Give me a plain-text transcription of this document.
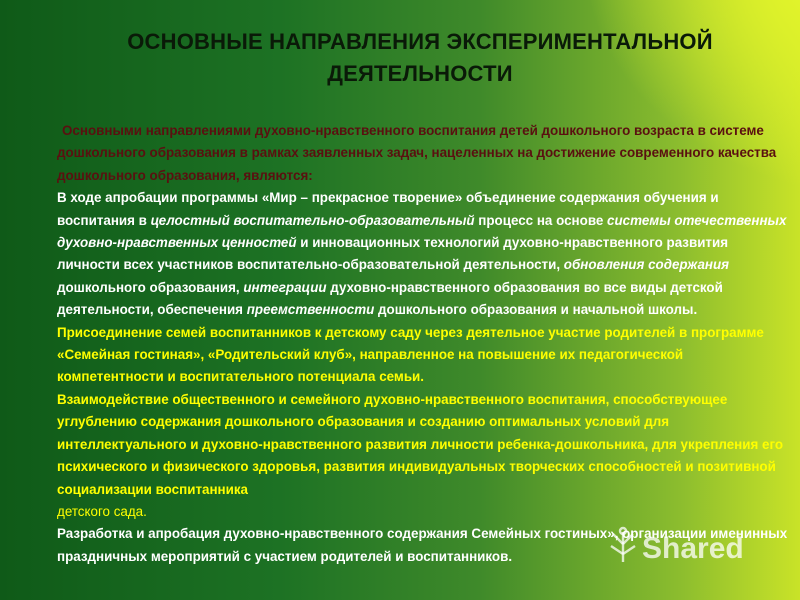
ОСНОВНЫЕ НАПРАВЛЕНИЯ ЭКСПЕРИМЕНТАЛЬНОЙ
ДЕЯТЕЛЬНОСТИ

Основными направлениями духовно-нравственного воспитания детей дошкольного возраста в системе дошкольного образования в рамках заявленных задач, нацеленных на достижение современного качества дошкольного образования, являются:

В ходе апробации программы «Мир – прекрасное творение» объединение содержания обучения и воспитания в целостный воспитательно-образовательный процесс на основе системы отечественных духовно-нравственных ценностей и инновационных технологий духовно-нравственного развития личности всех участников воспитательно-образовательной деятельности, обновления содержания дошкольного образования, интеграции духовно-нравственного образования во все виды детской деятельности, обеспечения преемственности дошкольного образования и начальной школы.

Присоединение семей воспитанников к детскому саду через деятельное участие родителей в программе «Семейная гостиная», «Родительский клуб», направленное на повышение их педагогической компетентности и воспитательного потенциала семьи.

Взаимодействие общественного и семейного духовно-нравственного воспитания, способствующее углублению содержания дошкольного образования и созданию оптимальных условий для интеллектуального и духовно-нравственного развития личности ребенка-дошкольника, для укрепления его психического и физического здоровья, развития индивидуальных творческих способностей и позитивной социализации воспитанника
детского сада.

Разработка и апробация духовно-нравственного содержания Семейных гостиных», организации именинных праздничных мероприятий с участием родителей и воспитанников.	Shared
